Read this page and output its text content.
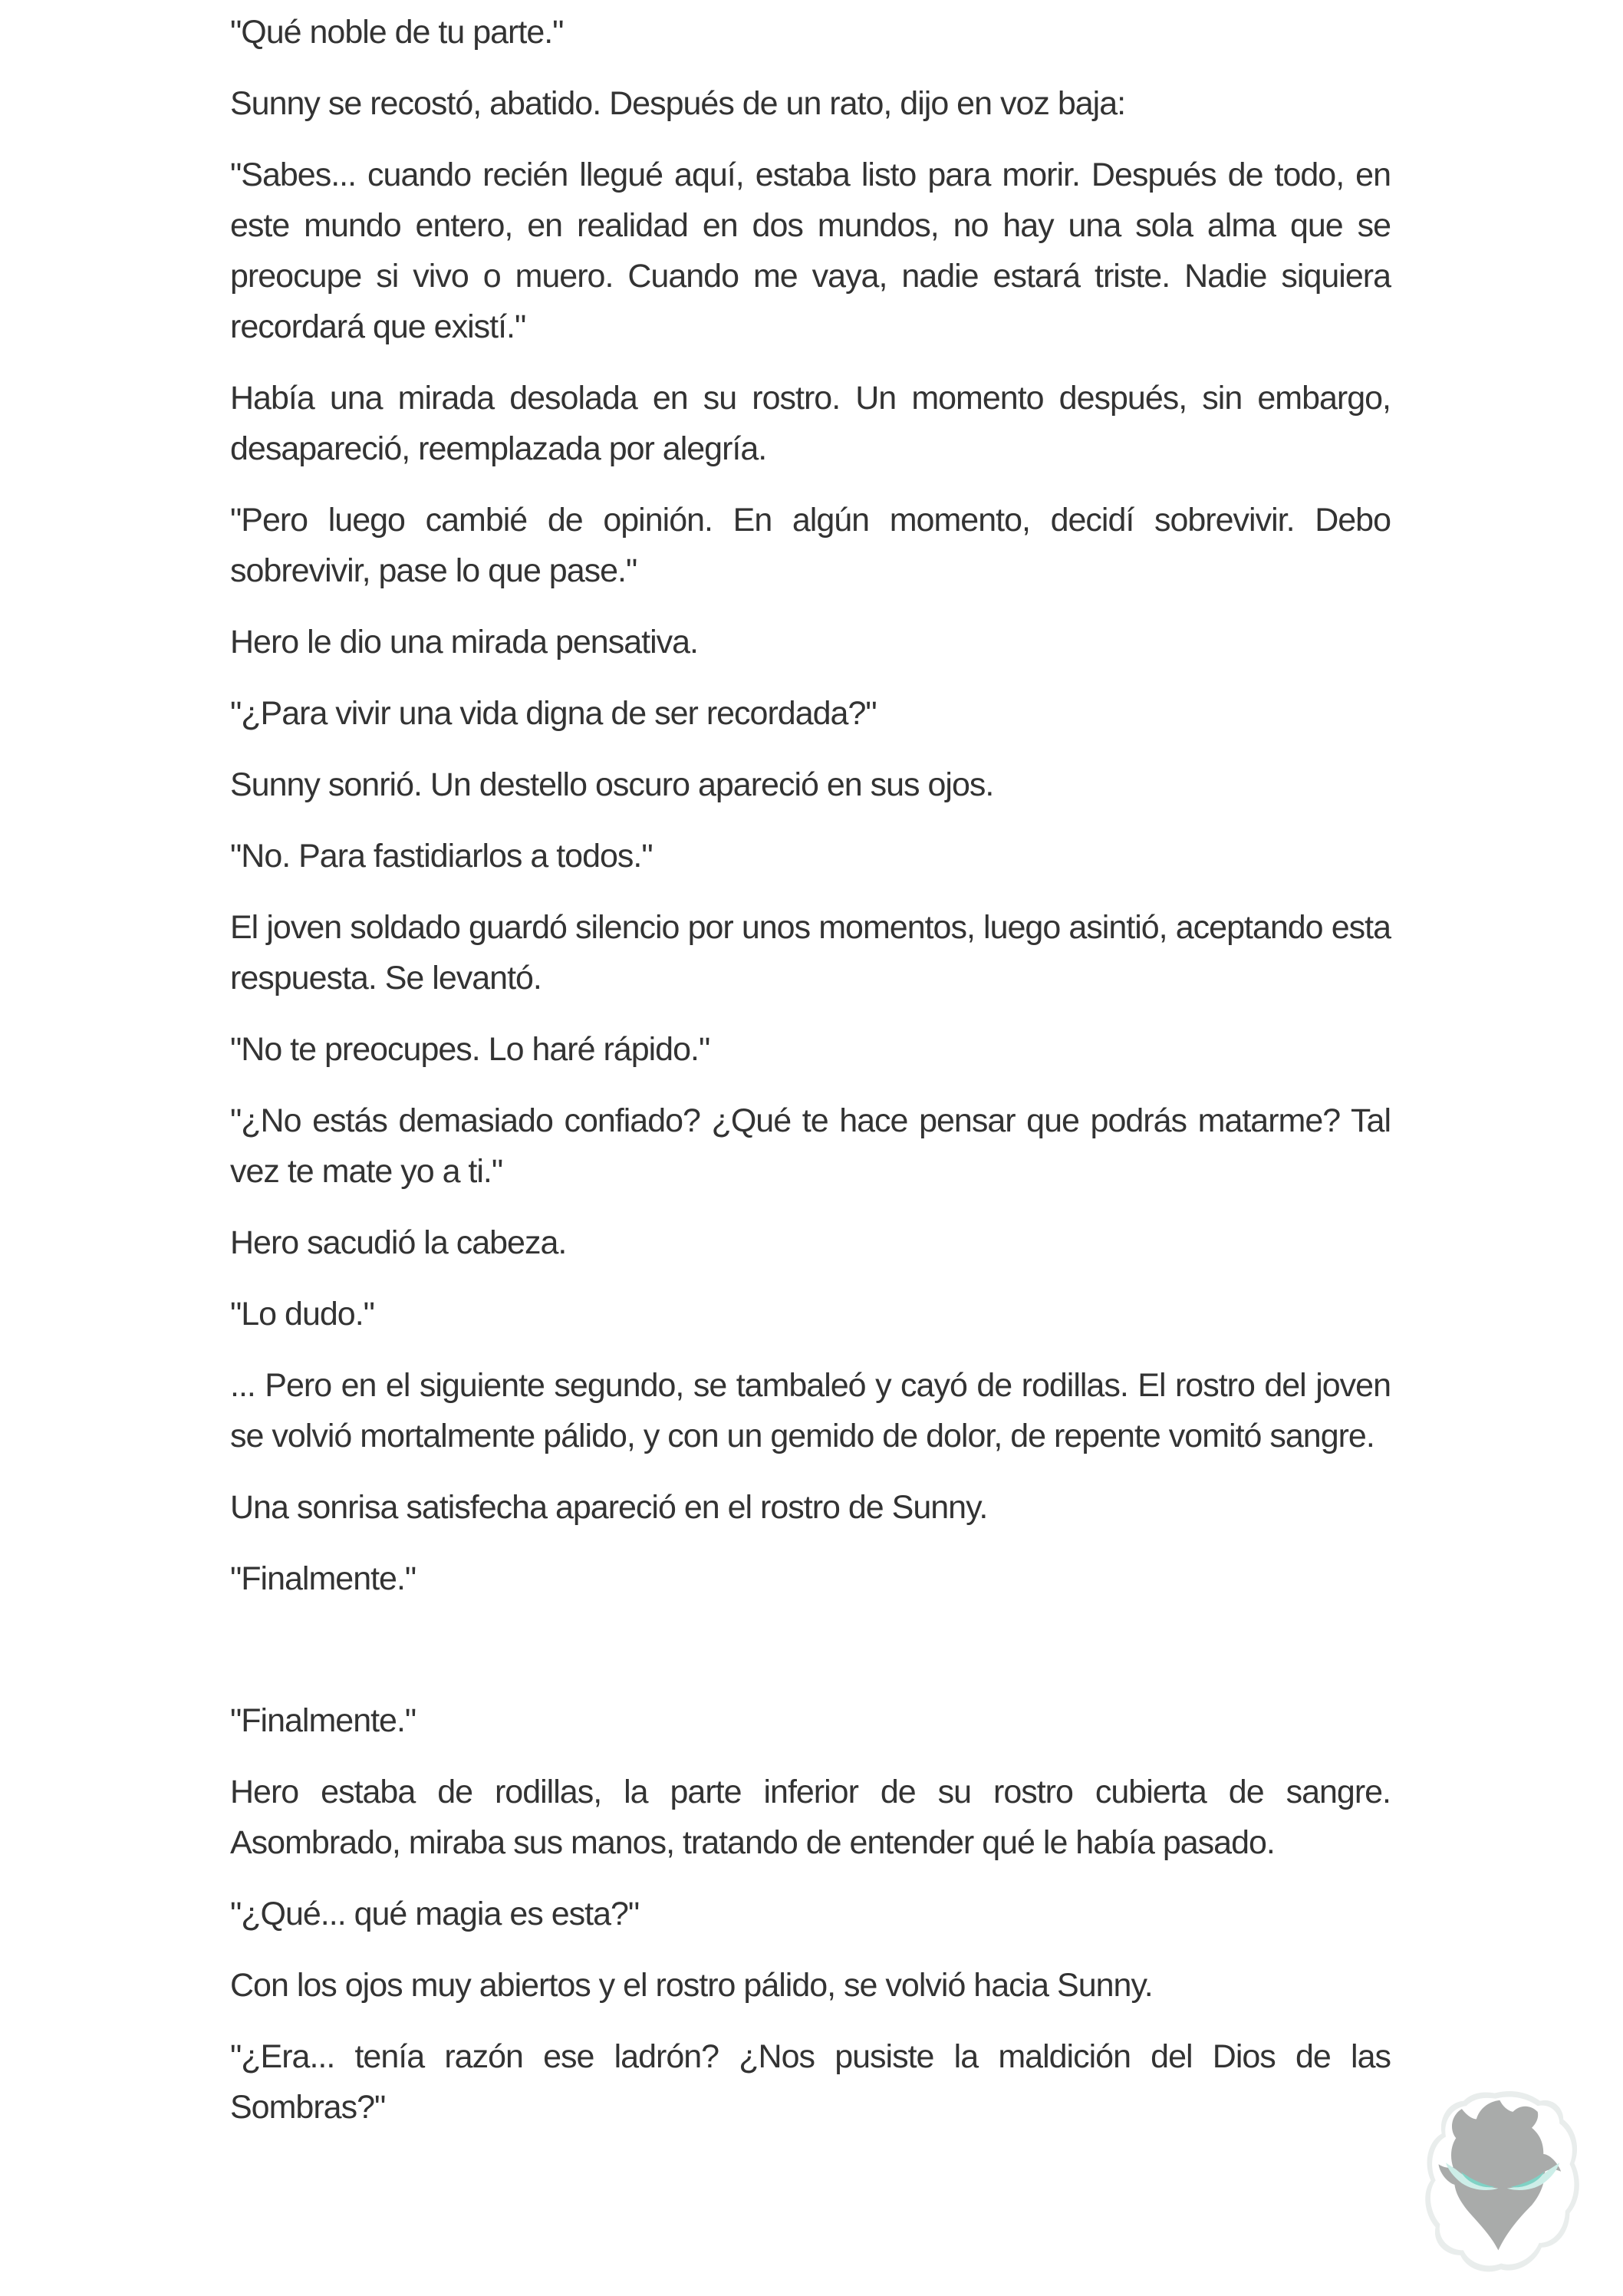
"Qué noble de tu parte."

Sunny se recostó, abatido. Después de un rato, dijo en voz baja:

"Sabes... cuando recién llegué aquí, estaba listo para morir. Después de todo, en este mundo entero, en realidad en dos mundos, no hay una sola alma que se preocupe si vivo o muero. Cuando me vaya, nadie estará triste. Nadie siquiera recordará que existí."

Había una mirada desolada en su rostro. Un momento después, sin embargo, desapareció, reemplazada por alegría.

"Pero luego cambié de opinión. En algún momento, decidí sobrevivir. Debo sobrevivir, pase lo que pase."

Hero le dio una mirada pensativa.

"¿Para vivir una vida digna de ser recordada?"

Sunny sonrió. Un destello oscuro apareció en sus ojos.

"No. Para fastidiarlos a todos."

El joven soldado guardó silencio por unos momentos, luego asintió, aceptando esta respuesta. Se levantó.

"No te preocupes. Lo haré rápido."

"¿No estás demasiado confiado? ¿Qué te hace pensar que podrás matarme? Tal vez te mate yo a ti."

Hero sacudió la cabeza.

"Lo dudo."

... Pero en el siguiente segundo, se tambaleó y cayó de rodillas. El rostro del joven se volvió mortalmente pálido, y con un gemido de dolor, de repente vomitó sangre.

Una sonrisa satisfecha apareció en el rostro de Sunny.

"Finalmente."

"Finalmente."

Hero estaba de rodillas, la parte inferior de su rostro cubierta de sangre. Asombrado, miraba sus manos, tratando de entender qué le había pasado.

"¿Qué... qué magia es esta?"

Con los ojos muy abiertos y el rostro pálido, se volvió hacia Sunny.

"¿Era... tenía razón ese ladrón? ¿Nos pusiste la maldición del Dios de las Sombras?"
